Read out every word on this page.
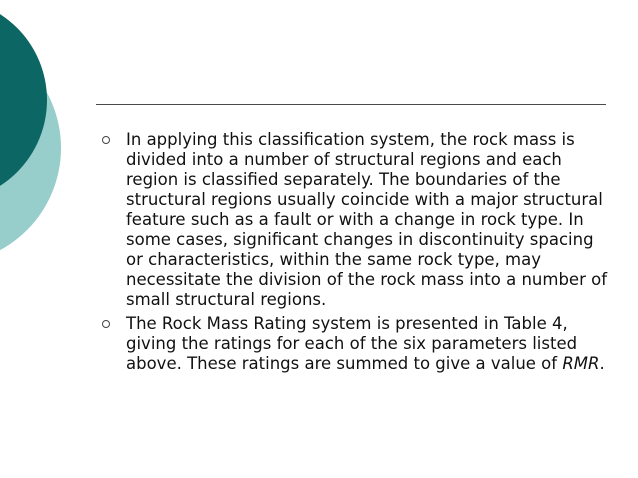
In applying this classification system, the rock mass is divided into a number of structural regions and each region is classified separately. The boundaries of the structural regions usually coincide with a major structural feature such as a fault or with a change in rock type. In some cases, significant changes in discontinuity spacing or characteristics, within the same rock type, may necessitate the division of the rock mass into a number of small structural regions.
The Rock Mass Rating system is presented in Table 4, giving the ratings for each of the six parameters listed above. These ratings are summed to give a value of RMR.
